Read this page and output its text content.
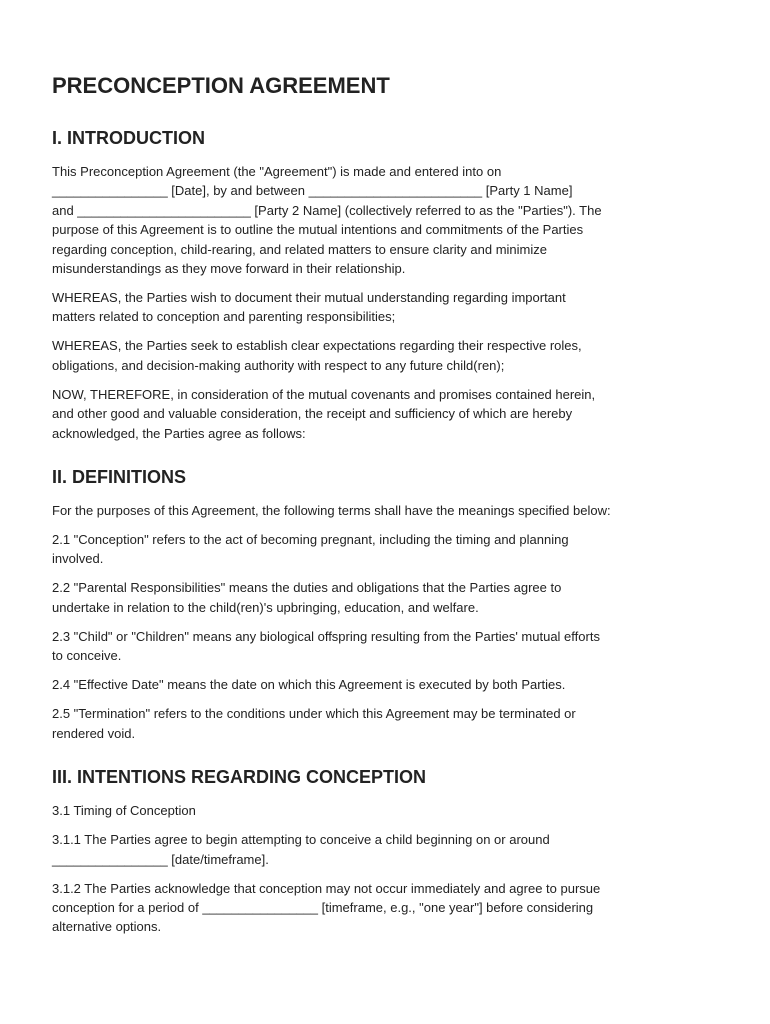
PRECONCEPTION AGREEMENT
I. INTRODUCTION
This Preconception Agreement (the "Agreement") is made and entered into on
________________ [Date], by and between ________________________ [Party 1 Name]
and ________________________ [Party 2 Name] (collectively referred to as the "Parties"). The
purpose of this Agreement is to outline the mutual intentions and commitments of the Parties
regarding conception, child-rearing, and related matters to ensure clarity and minimize
misunderstandings as they move forward in their relationship.
WHEREAS, the Parties wish to document their mutual understanding regarding important
matters related to conception and parenting responsibilities;
WHEREAS, the Parties seek to establish clear expectations regarding their respective roles,
obligations, and decision-making authority with respect to any future child(ren);
NOW, THEREFORE, in consideration of the mutual covenants and promises contained herein,
and other good and valuable consideration, the receipt and sufficiency of which are hereby
acknowledged, the Parties agree as follows:
II. DEFINITIONS
For the purposes of this Agreement, the following terms shall have the meanings specified below:
2.1 "Conception" refers to the act of becoming pregnant, including the timing and planning
involved.
2.2 "Parental Responsibilities" means the duties and obligations that the Parties agree to
undertake in relation to the child(ren)'s upbringing, education, and welfare.
2.3 "Child" or "Children" means any biological offspring resulting from the Parties' mutual efforts
to conceive.
2.4 "Effective Date" means the date on which this Agreement is executed by both Parties.
2.5 "Termination" refers to the conditions under which this Agreement may be terminated or
rendered void.
III. INTENTIONS REGARDING CONCEPTION
3.1 Timing of Conception
3.1.1 The Parties agree to begin attempting to conceive a child beginning on or around
________________ [date/timeframe].
3.1.2 The Parties acknowledge that conception may not occur immediately and agree to pursue
conception for a period of ________________ [timeframe, e.g., "one year"] before considering
alternative options.
